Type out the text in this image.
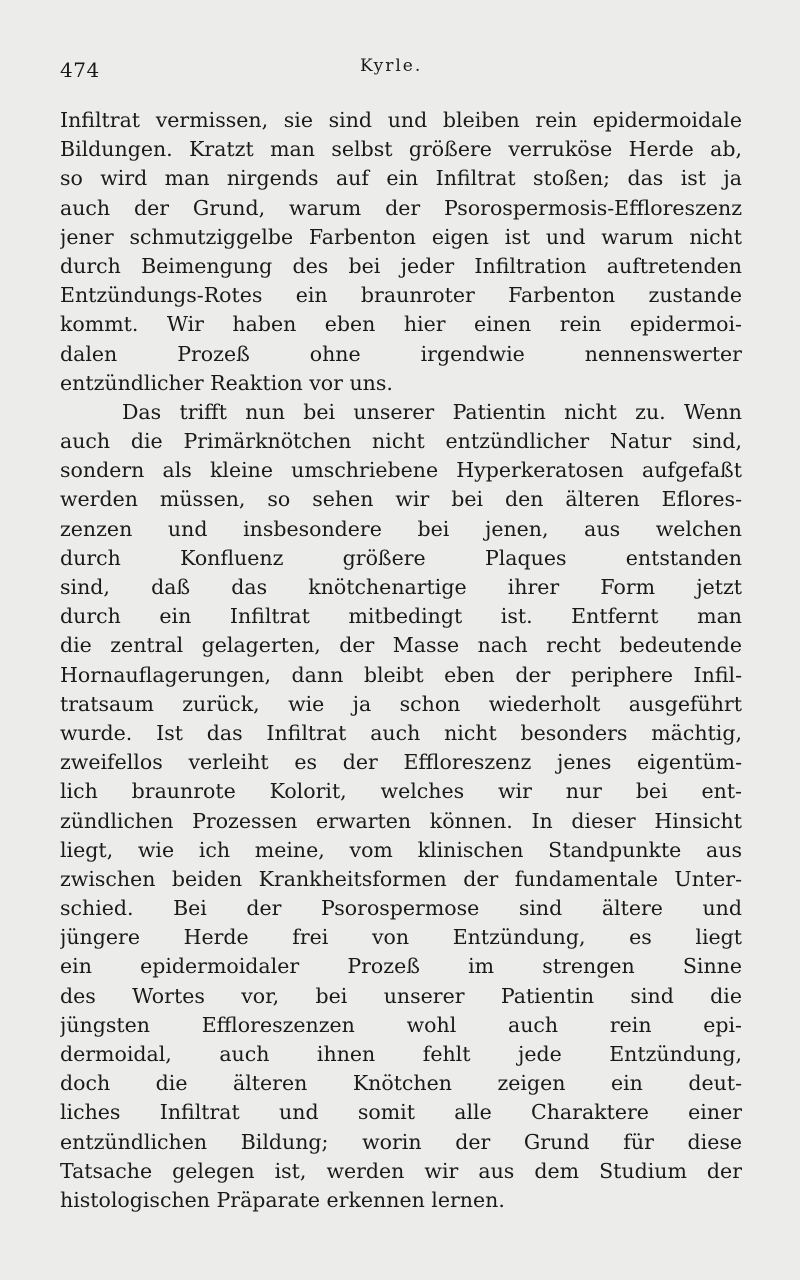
474	Kyrle.
Infiltrat vermissen, sie sind und bleiben rein epidermoidale
Bildungen. Kratzt man selbst größere verruköse Herde ab,
so wird man nirgends auf ein Infiltrat stoßen; das ist ja
auch der Grund, warum der Psorospermosis-Effloreszenz
jener schmutziggelbe Farbenton eigen ist und warum nicht
durch Beimengung des bei jeder Infiltration auftretenden
Entzündungs-Rotes ein braunroter Farbenton zustande
kommt. Wir haben eben hier einen rein epidermoi-
dalen Prozeß ohne irgendwie nennenswerter
entzündlicher Reaktion vor uns.
Das trifft nun bei unserer Patientin nicht zu. Wenn
auch die Primärknötchen nicht entzündlicher Natur sind,
sondern als kleine umschriebene Hyperkeratosen aufgefaßt
werden müssen, so sehen wir bei den älteren Eflores-
zenzen und insbesondere bei jenen, aus welchen
durch Konfluenz größere Plaques entstanden
sind, daß das knötchenartige ihrer Form jetzt
durch ein Infiltrat mitbedingt ist. Entfernt man
die zentral gelagerten, der Masse nach recht bedeutende
Hornauflagerungen, dann bleibt eben der periphere Infil-
tratsaum zurück, wie ja schon wiederholt ausgeführt
wurde. Ist das Infiltrat auch nicht besonders mächtig,
zweifellos verleiht es der Effloreszenz jenes eigentüm-
lich braunrote Kolorit, welches wir nur bei ent-
zündlichen Prozessen erwarten können. In dieser Hinsicht
liegt, wie ich meine, vom klinischen Standpunkte aus
zwischen beiden Krankheitsformen der fundamentale Unter-
schied. Bei der Psorospermose sind ältere und
jüngere Herde frei von Entzündung, es liegt
ein epidermoidaler Prozeß im strengen Sinne
des Wortes vor, bei unserer Patientin sind die
jüngsten Effloreszenzen wohl auch rein epi-
dermoidal, auch ihnen fehlt jede Entzündung,
doch die älteren Knötchen zeigen ein deut-
liches Infiltrat und somit alle Charaktere einer
entzündlichen Bildung; worin der Grund für diese
Tatsache gelegen ist, werden wir aus dem Studium der
histologischen Präparate erkennen lernen.
